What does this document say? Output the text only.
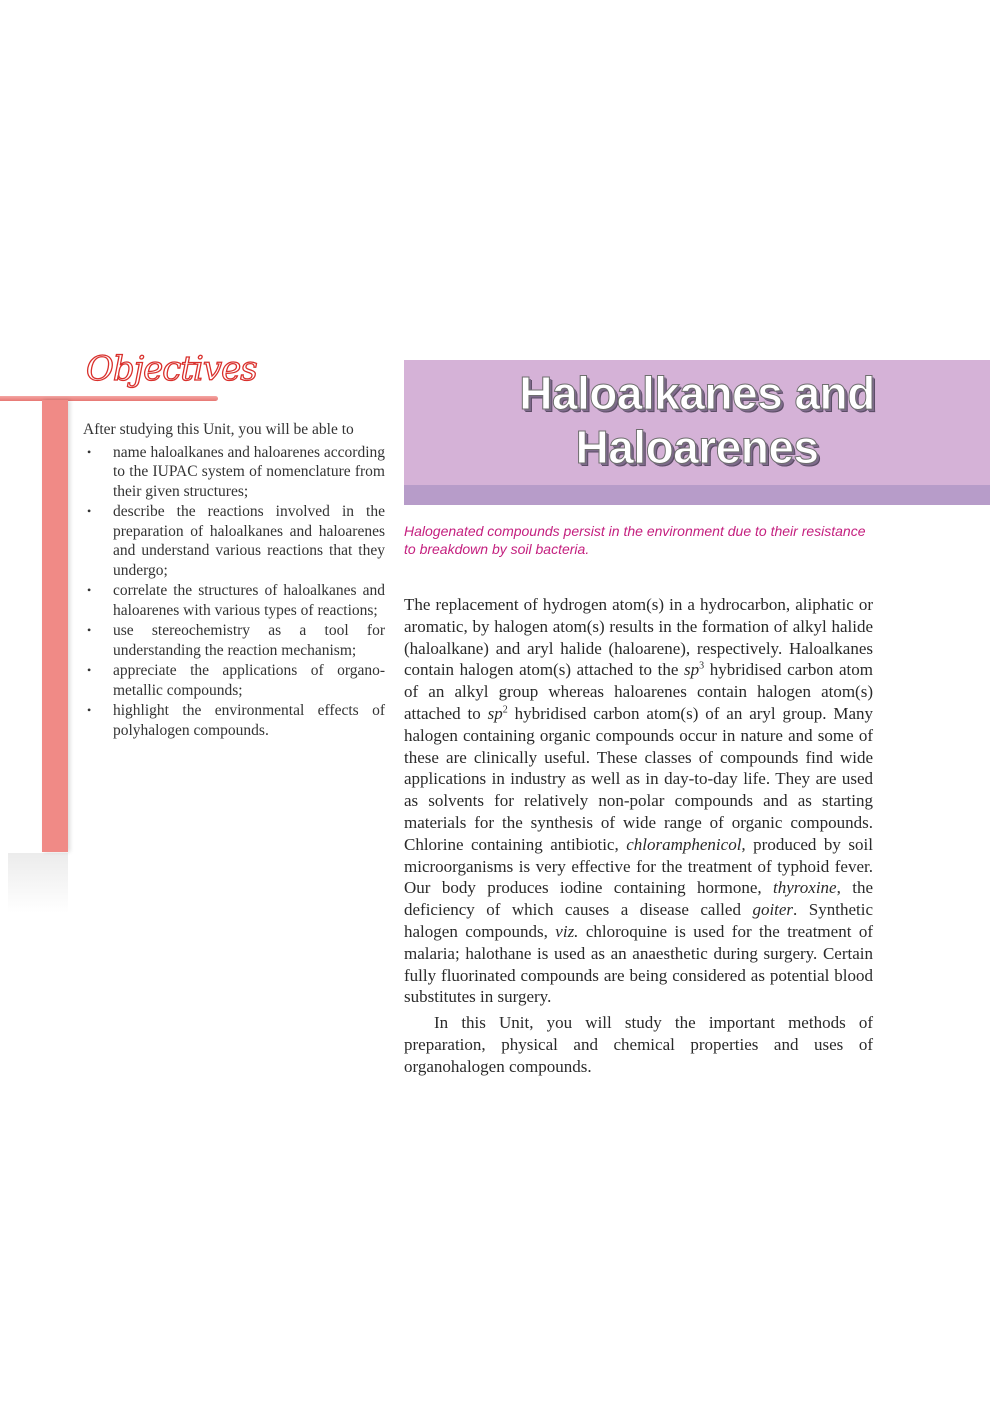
Objectives

After studying this Unit, you will be able to

• name haloalkanes and haloarenes according to the IUPAC system of nomenclature from their given structures;
• describe the reactions involved in the preparation of haloalkanes and haloarenes and understand various reactions that they undergo;
• correlate the structures of haloalkanes and haloarenes with various types of reactions;
• use stereochemistry as a tool for understanding the reaction mechanism;
• appreciate the applications of organo-metallic compounds;
• highlight the environmental effects of polyhalogen compounds.
Haloalkanes and
Haloarenes
Halogenated compounds persist in the environment due to their resistance to breakdown by soil bacteria.

The replacement of hydrogen atom(s) in a hydrocarbon, aliphatic or aromatic, by halogen atom(s) results in the formation of alkyl halide (haloalkane) and aryl halide (haloarene), respectively. Haloalkanes contain halogen atom(s) attached to the $sp^3$ hybridised carbon atom of an alkyl group whereas haloarenes contain halogen atom(s) attached to $sp^2$ hybridised carbon atom(s) of an aryl group. Many halogen containing organic compounds occur in nature and some of these are clinically useful. These classes of compounds find wide applications in industry as well as in day-to-day life. They are used as solvents for relatively non-polar compounds and as starting materials for the synthesis of wide range of organic compounds. Chlorine containing antibiotic, chloramphenicol, produced by soil microorganisms is very effective for the treatment of typhoid fever. Our body produces iodine containing hormone, thyroxine, the deficiency of which causes a disease called goiter. Synthetic halogen compounds, viz. chloroquine is used for the treatment of malaria; halothane is used as an anaesthetic during surgery. Certain fully fluorinated compounds are being considered as potential blood substitutes in surgery.

In this Unit, you will study the important methods of preparation, physical and chemical properties and uses of organohalogen compounds.
